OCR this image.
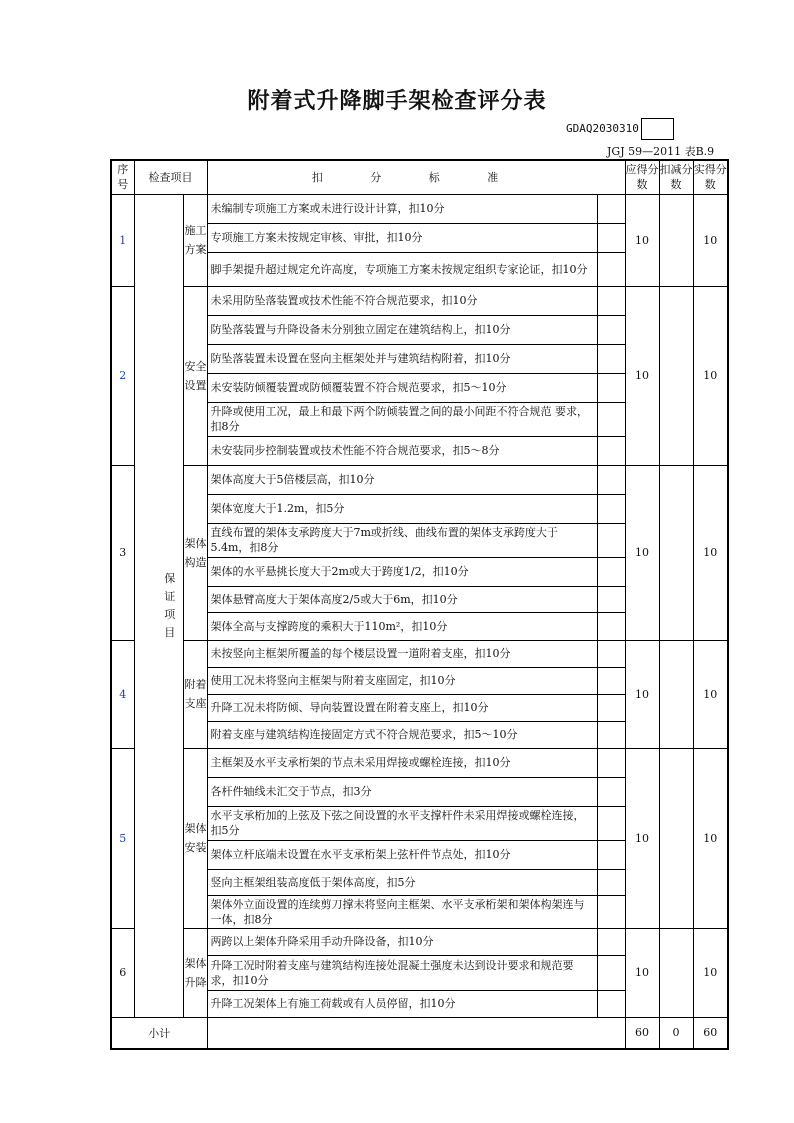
附着式升降脚手架检查评分表
GDAQ2030310
JGJ 59—2011 表B.9
序号	检查项目			扣 分 标 准		应得分数	扣减分数	实得分数
1		保证项目	施工方案	未编制专项施工方案或未进行设计计算，扣10分		10		10
				专项施工方案未按规定审核、审批，扣10分				
				脚手架提升超过规定允许高度，专项施工方案未按规定组织专家论证，扣10分				
2			安全设置	未采用防坠落装置或技术性能不符合规范要求，扣10分		10		10
				防坠落装置与升降设备未分别独立固定在建筑结构上，扣10分				
				防坠落装置未设置在竖向主框架处并与建筑结构附着，扣10分				
				未安装防倾覆装置或防倾覆装置不符合规范要求，扣5～10分				
				升降或使用工况，最上和最下两个防倾装置之间的最小间距不符合规范 要求，扣8分				
				未安装同步控制装置或技术性能不符合规范要求，扣5～8分				
3			架体构造	架体高度大于5倍楼层高，扣10分		10		10
				架体宽度大于1.2m，扣5分				
				直线布置的架体支承跨度大于7m或折线、曲线布置的架体支承跨度大于5.4m，扣8分				
				架体的水平悬挑长度大于2m或大于跨度1/2，扣10分				
				架体悬臂高度大于架体高度2/5或大于6m，扣10分				
				架体全高与支撑跨度的乘积大于110m²，扣10分				
4			附着支座	未按竖向主框架所覆盖的每个楼层设置一道附着支座，扣10分		10		10
				使用工况未将竖向主框架与附着支座固定，扣10分				
				升降工况未将防倾、导向装置设置在附着支座上，扣10分				
				附着支座与建筑结构连接固定方式不符合规范要求，扣5～10分				
5			架体安装	主框架及水平支承桁架的节点未采用焊接或螺栓连接，扣10分		10		10
				各杆件轴线未汇交于节点，扣3分				
				水平支承桁加的上弦及下弦之间设置的水平支撑杆件未采用焊接或螺栓连接，扣5分				
				架体立杆底端未设置在水平支承桁架上弦杆件节点处，扣10分				
				竖向主框架组装高度低于架体高度，扣5分				
				架体外立面设置的连续剪刀撑未将竖向主框架、水平支承桁架和架体构架连与一体，扣8分				
6			架体升降	两跨以上架体升降采用手动升降设备，扣10分		10		10
				升降工况时附着支座与建筑结构连接处混凝土强度未达到设计要求和规范要求，扣10分				
				升降工况架体上有施工荷载或有人员停留，扣10分				
小计						60	0	60
